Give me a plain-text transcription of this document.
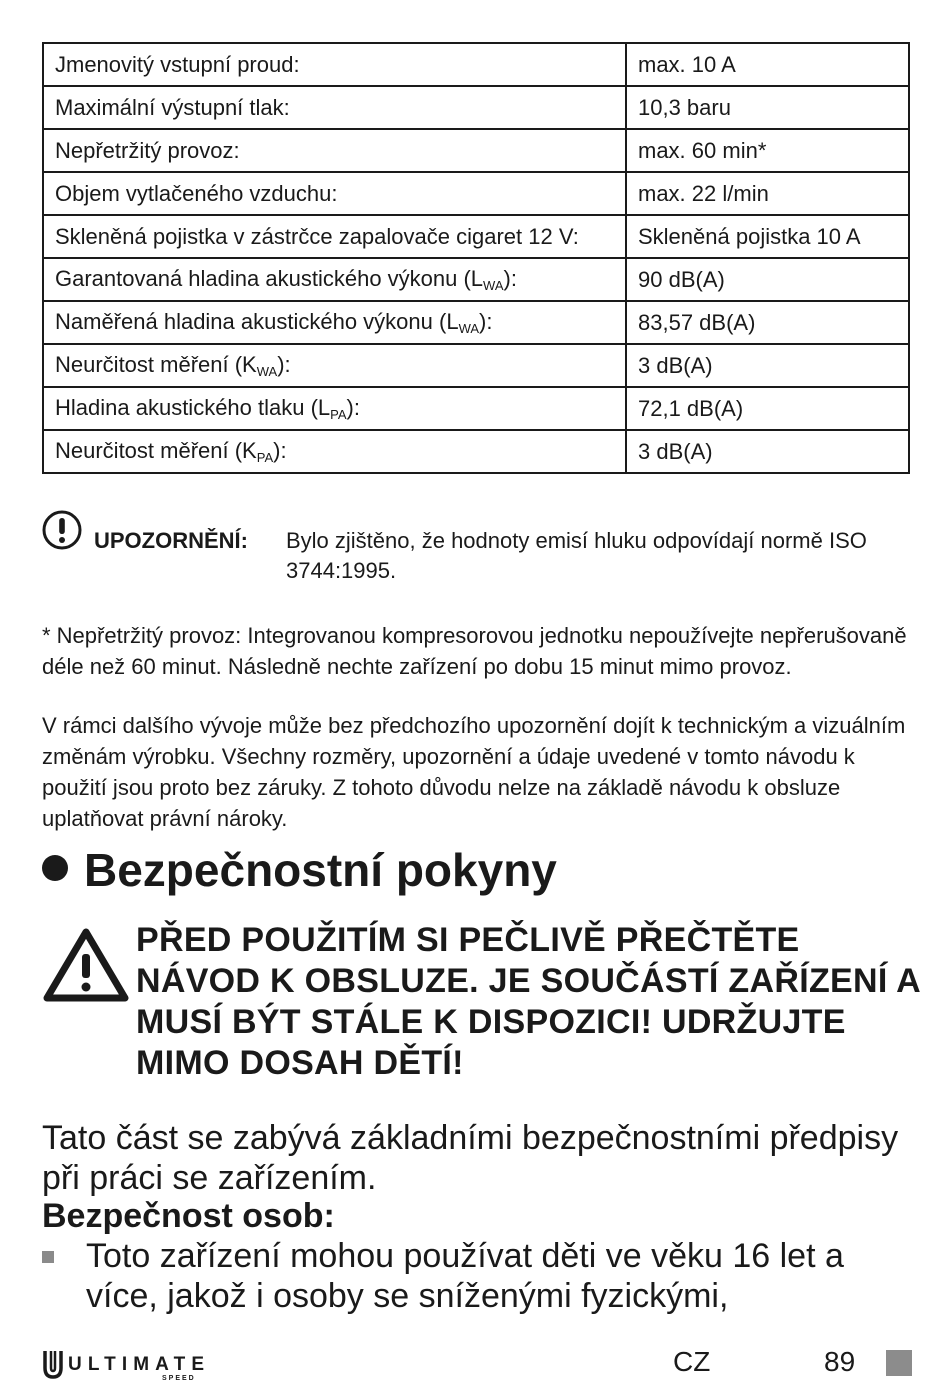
Jmenovitý vstupní proud:	max. 10 A
Maximální výstupní tlak:	10,3 baru
Nepřetržitý provoz:	max. 60 min*
Objem vytlačeného vzduchu:	max. 22 l/min
Skleněná pojistka v zástrčce zapalovače cigaret 12 V:	Skleněná pojistka 10 A
Garantovaná hladina akustického výkonu $(L_{WA})$:	90 dB(A)
Naměřená hladina akustického výkonu $(L_{WA})$:	83,57 dB(A)
Neurčitost měření $(K_{WA})$:	3 dB(A)
Hladina akustického tlaku $(L_{PA})$:	72,1 dB(A)
Neurčitost měření $(K_{PA})$:	3 dB(A)
UPOZORNĚNÍ: Bylo zjištěno, že hodnoty emisí hluku odpovídají normě ISO 3744:1995.
* Nepřetržitý provoz: Integrovanou kompresorovou jednotku nepoužívejte nepřerušovaně déle než 60 minut. Následně nechte zařízení po dobu 15 minut mimo provoz.
V rámci dalšího vývoje může bez předchozího upozornění dojít k technickým a vizuálním změnám výrobku. Všechny rozměry, upozornění a údaje uvedené v tomto návodu k použití jsou proto bez záruky. Z tohoto důvodu nelze na základě návodu k obsluze uplatňovat právní nároky.
Bezpečnostní pokyny
PŘED POUŽITÍM SI PEČLIVĚ PŘEČTĚTE NÁVOD K OBSLUZE. JE SOUČÁSTÍ ZAŘÍZENÍ A MUSÍ BÝT STÁLE K DISPOZICI! UDRŽUJTE MIMO DOSAH DĚTÍ!
Tato část se zabývá základními bezpečnostními předpisy při práci se zařízením.
Bezpečnost osob:
Toto zařízení mohou používat děti ve věku 16 let a více, jakož i osoby se sníženými fyzickými,
ULTIMATE
SPEED
CZ	89
